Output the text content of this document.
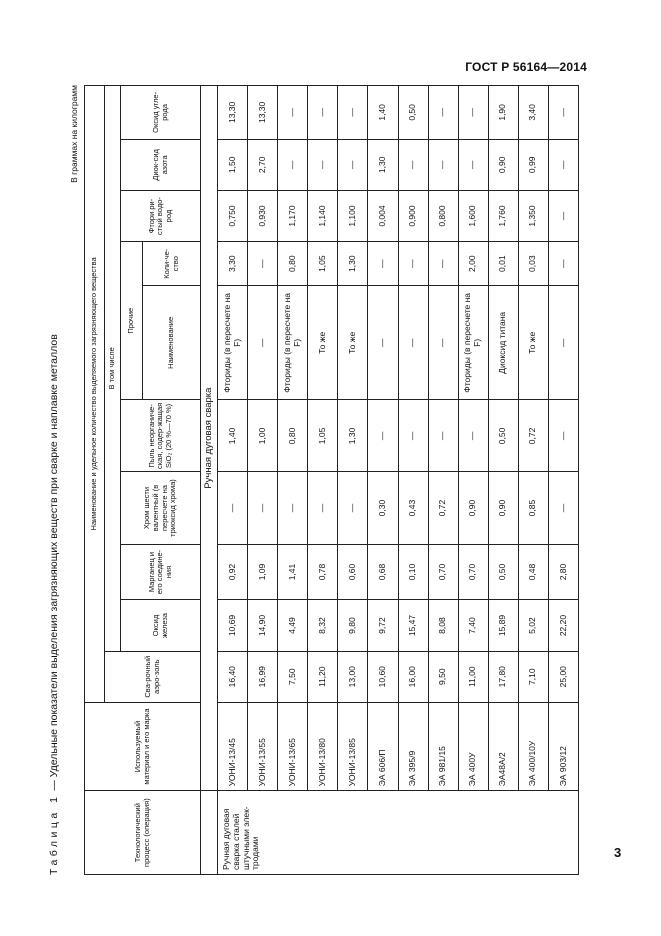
ГОСТ Р 56164—2014
3
Таблица 1 — Удельные показатели выделения загрязняющих веществ при сварке и наплавке металлов
В граммах на килограмм
Технологический процесс (операция)	Используемый материал и его марка	Наименование и удельное количество выделяемого загрязняющего вещества									
		Сва-рочный аэро-золь	В том числе								
			Оксид железа	Марганец и его соедине-ния	Хром шести валентный (в пересчете на триоксид хрома)	Пыль неорганиче-ская, содер-жащая SiO₂ (20 %—70 %)	Прочие		Фтори ри-стый водо-род	Диок-сид азота	Оксид угле-рода
							Наименование	Коли-че-ство			
	Ручная дуговая сварка										
Ручная дуговая сварка сталей штучными элек-тродами	УОНИ-13/45	16,40	10,69	0,92	—	1,40	Фториды (в пересчете на F)	3,30	0,750	1,50	13,30
	УОНИ-13/55	16,99	14,90	1,09	—	1,00	—	—	0,930	2,70	13,30
	УОНИ-13/65	7,50	4,49	1,41	—	0,80	Фториды (в пересчете на F)	0,80	1,170	—	—
	УОНИ-13/80	11,20	8,32	0,78	—	1,05	То же	1,05	1,140	—	—
	УОНИ-13/85	13,00	9,80	0,60	—	1,30	То же	1,30	1,100	—	—
	ЭА 606/П	10,60	9,72	0,68	0,30	—	—	—	0,004	1,30	1,40
	ЭА 395/9	16,00	15,47	0,10	0,43	—	—	—	0,900	—	0,50
	ЭА 981/15	9,50	8,08	0,70	0,72	—	—	—	0,800	—	—
	ЭА 400У	11,00	7,40	0,70	0,90	—	Фториды (в пересчете на F)	2,00	1,600	—	—
	ЭА48А/2	17,80	15,89	0,50	0,90	0,50	Диоксид титана	0,01	1,760	0,90	1,90
	ЭА 400/10У	7,10	5,02	0,48	0,85	0,72	То же	0,03	1,350	0,99	3,40
	ЭА 903/12	25,00	22,20	2,80	—	—	—	—	—	—	—
